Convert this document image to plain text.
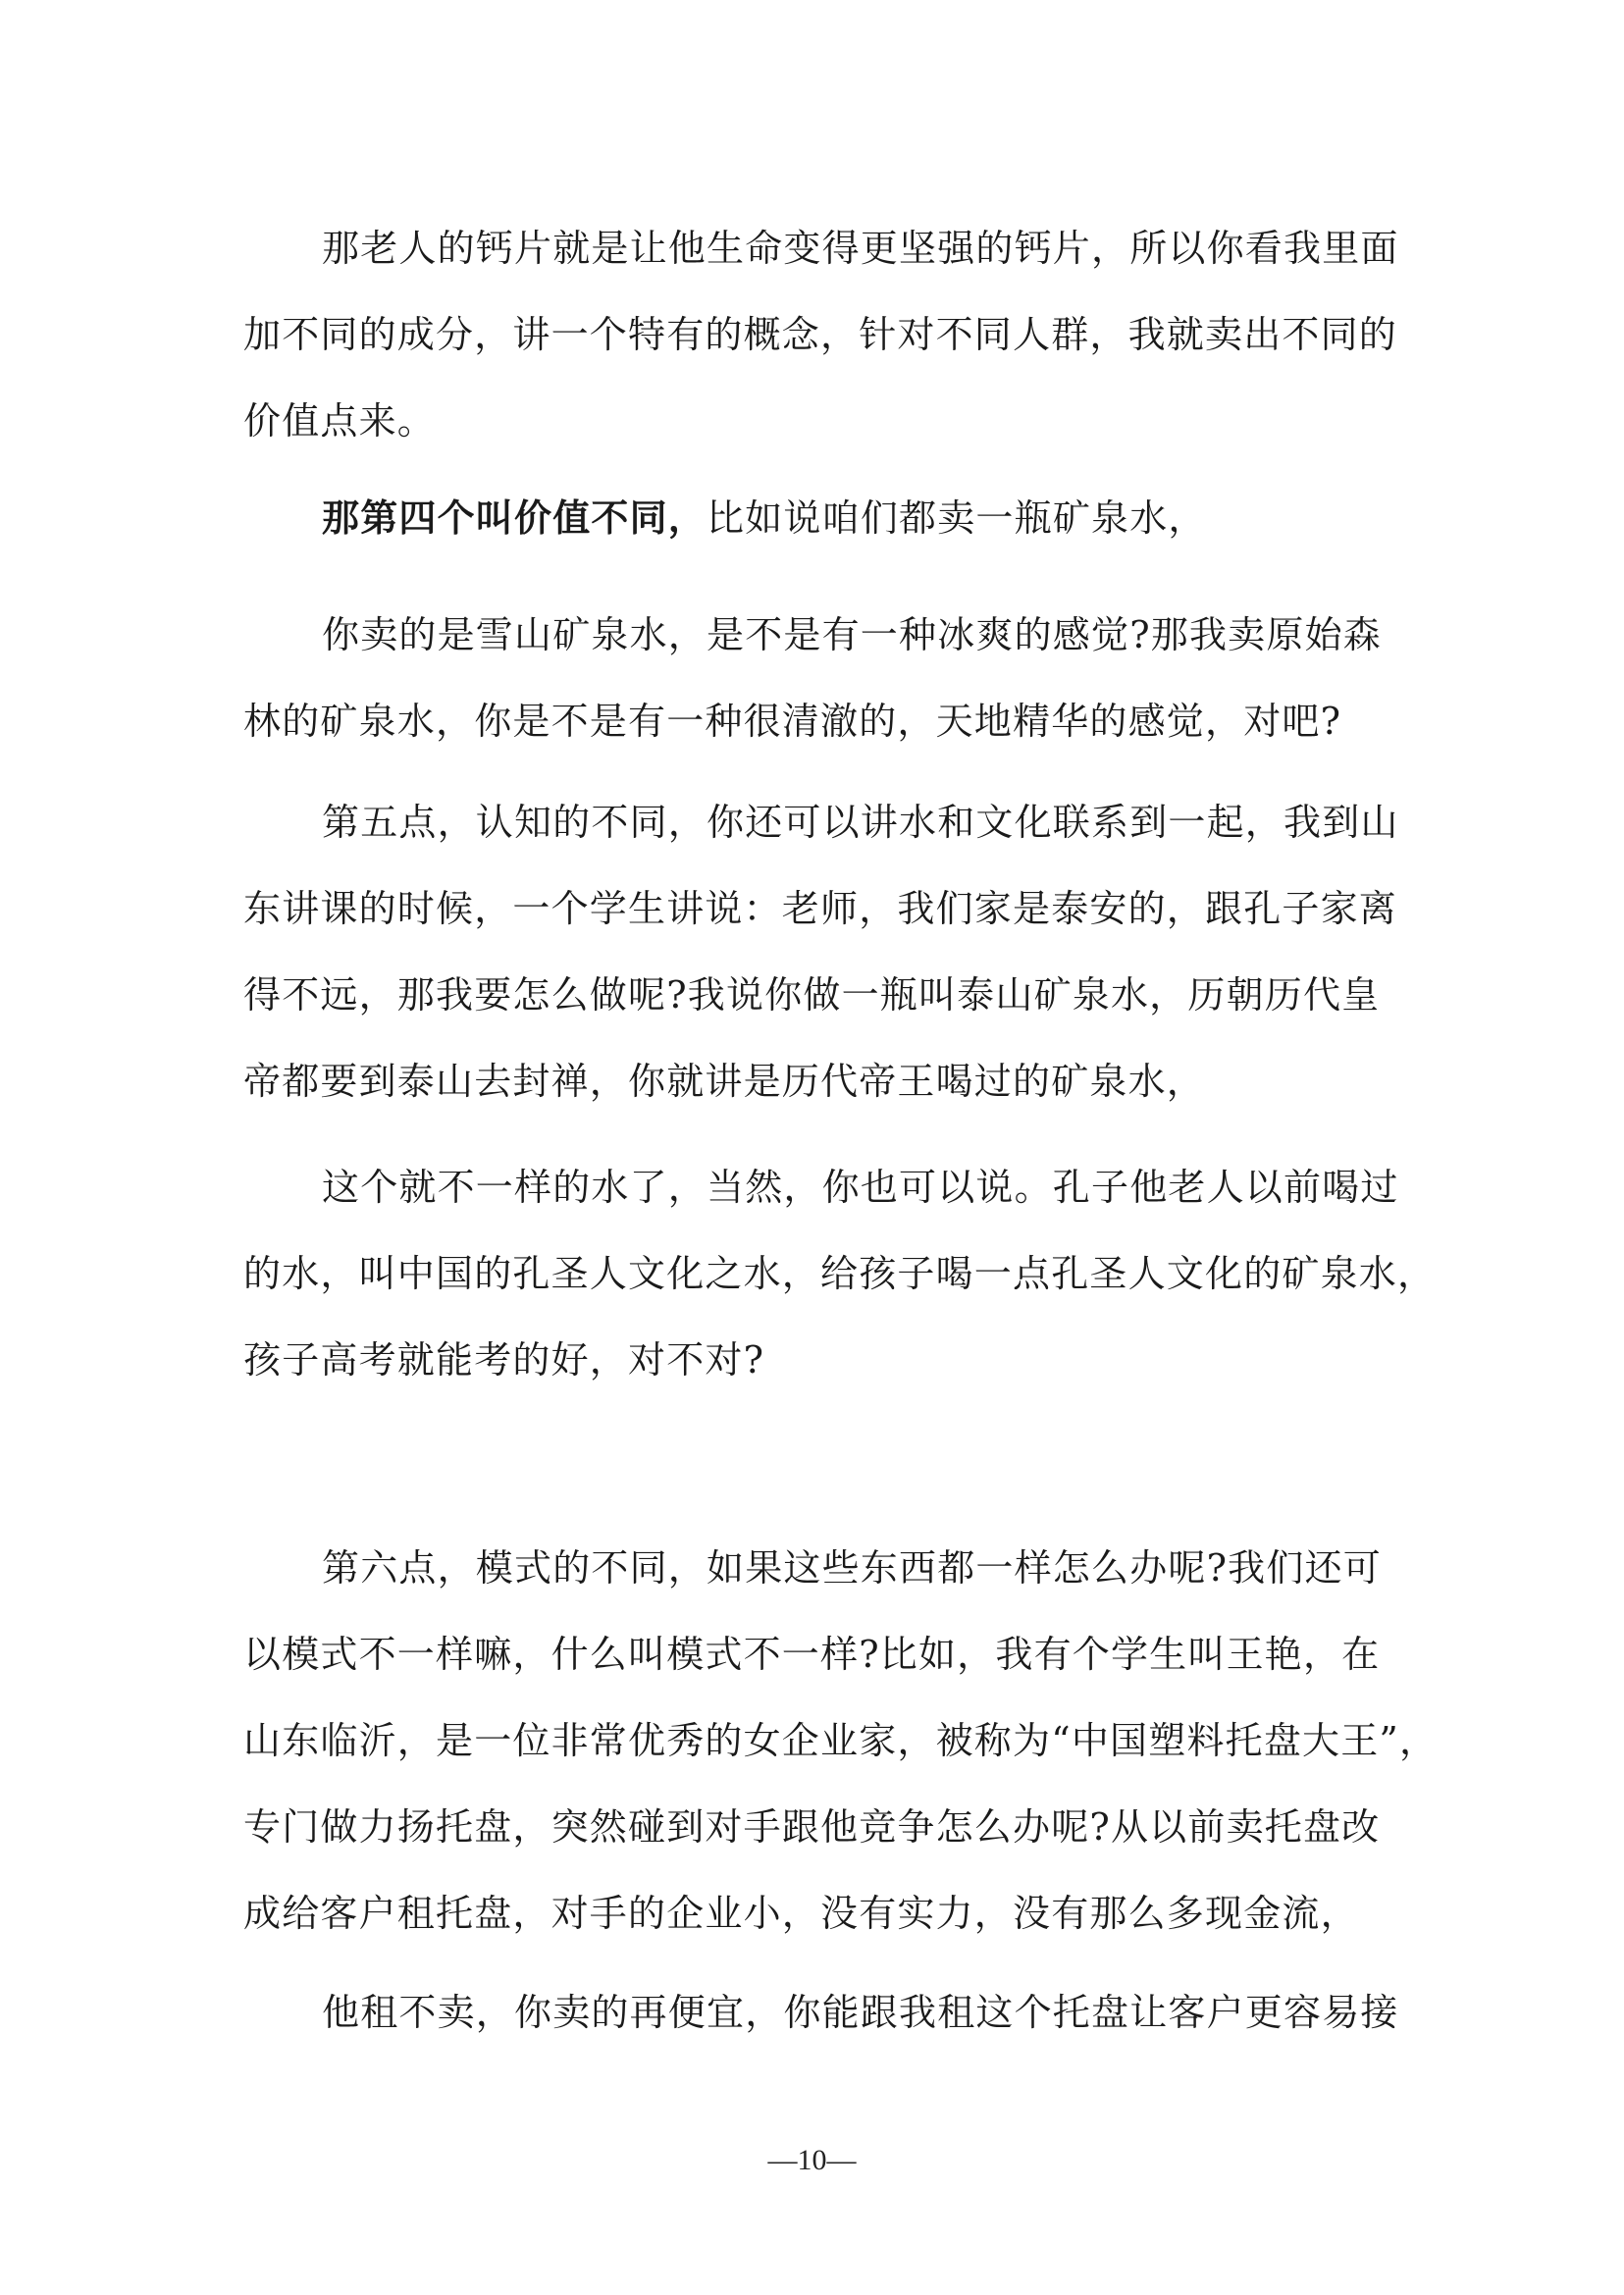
那老人的钙片就是让他生命变得更坚强的钙片，所以你看我里面
加不同的成分，讲一个特有的概念，针对不同人群，我就卖出不同的
价值点来。
那第四个叫价值不同，比如说咱们都卖一瓶矿泉水，
你卖的是雪山矿泉水，是不是有一种冰爽的感觉?那我卖原始森
林的矿泉水，你是不是有一种很清澈的，天地精华的感觉，对吧?
第五点，认知的不同，你还可以讲水和文化联系到一起，我到山
东讲课的时候，一个学生讲说：老师，我们家是泰安的，跟孔子家离
得不远，那我要怎么做呢?我说你做一瓶叫泰山矿泉水，历朝历代皇
帝都要到泰山去封禅，你就讲是历代帝王喝过的矿泉水，
这个就不一样的水了，当然，你也可以说。孔子他老人以前喝过
的水，叫中国的孔圣人文化之水，给孩子喝一点孔圣人文化的矿泉水，
孩子高考就能考的好，对不对?
第六点，模式的不同，如果这些东西都一样怎么办呢?我们还可
以模式不一样嘛，什么叫模式不一样?比如，我有个学生叫王艳，在
山东临沂，是一位非常优秀的女企业家，被称为“中国塑料托盘大王”，
专门做力扬托盘，突然碰到对手跟他竞争怎么办呢?从以前卖托盘改
成给客户租托盘，对手的企业小，没有实力，没有那么多现金流，
他租不卖，你卖的再便宜，你能跟我租这个托盘让客户更容易接
—10—
